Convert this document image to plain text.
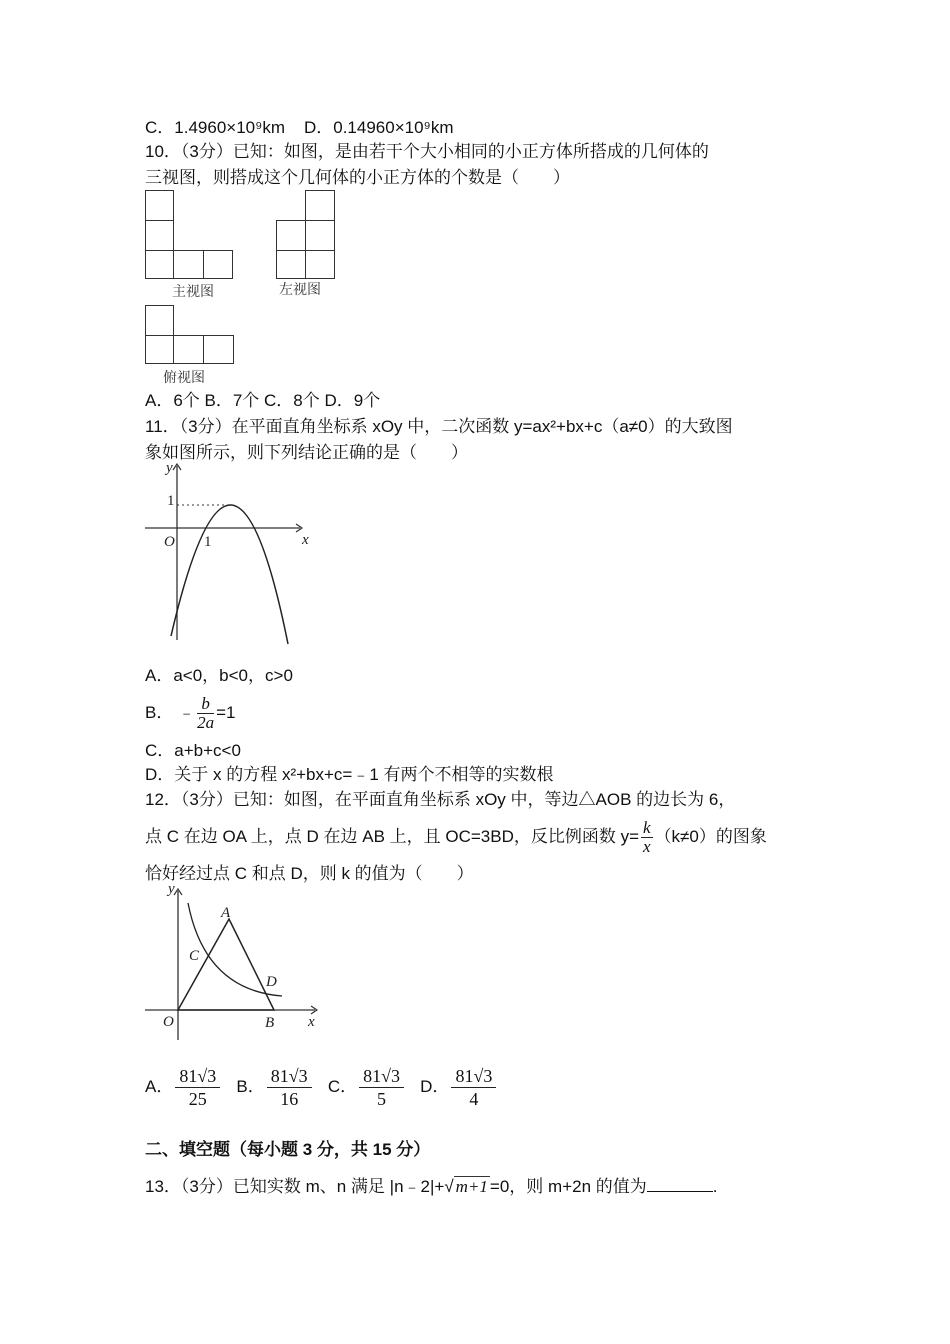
C．1.4960×10⁹km D．0.14960×10⁹km
10．（3分）已知：如图，是由若干个大小相同的小正方体所搭成的几何体的
三视图，则搭成这个几何体的小正方体的个数是（　　）
主视图	左视图
俯视图
A．6个 B．7个 C．8个 D．9个
11．（3分）在平面直角坐标系 xOy 中，二次函数 y=ax²+bx+c（a≠0）的大致图
象如图所示，则下列结论正确的是（　　）
y
1
O 1	x
A．a<0，b<0，c>0
B． ﹣ $\frac{b}{2a} =1$
C．a+b+c<0
D．关于 x 的方程 x²+bx+c=﹣1 有两个不相等的实数根
12．（3分）已知：如图，在平面直角坐标系 xOy 中，等边△AOB 的边长为 6，
点 C 在边 OA 上，点 D 在边 AB 上，且 OC=3BD，反比例函数 $y= \frac{k}{x} (k\ne 0)$的图象
恰好经过点 C 和点 D，则 k 的值为（　　）
y
O
A
B
C
D
x
A． $\frac{81√3}{25}$ B． $\frac{81√3}{16}$ C． $\frac{81√3}{5}$ D． $\frac{81√3}{4}$
二、填空题（每小题 3 分，共 15 分）
13．（3分）已知实数 m、n 满足 |n﹣2|+√ m+1 =0，则 m+2n 的值为	.
